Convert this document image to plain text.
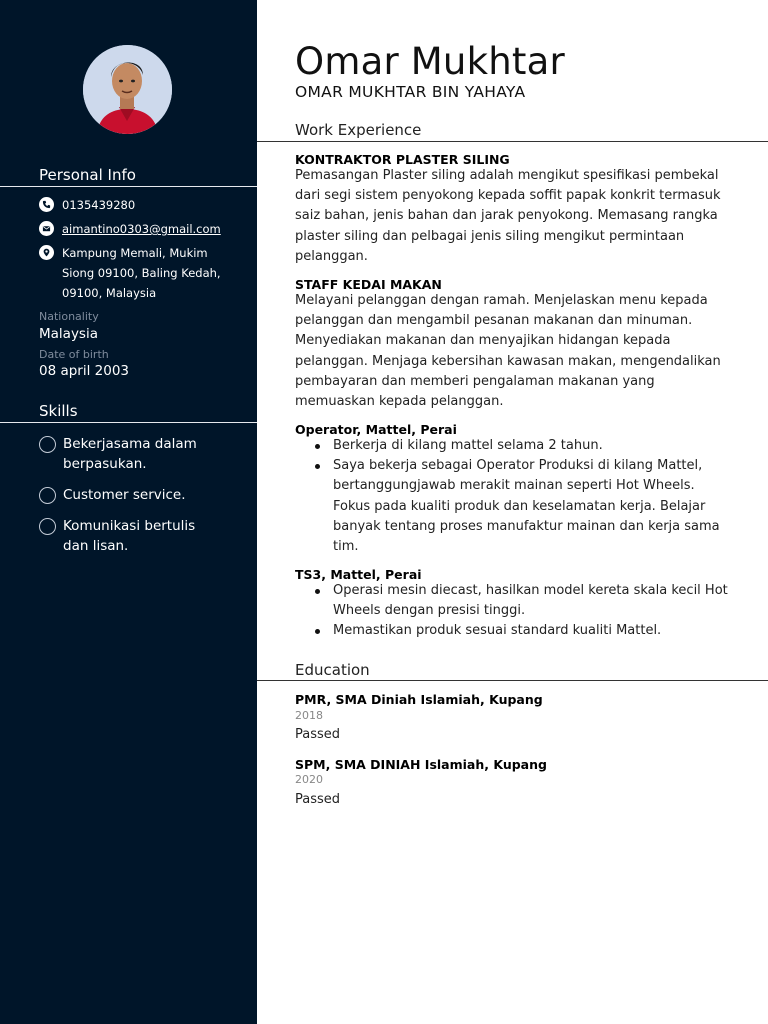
Personal Info
0135439280
aimantino0303@gmail.com
Kampung Memali, Mukim Siong 09100, Baling Kedah, 09100, Malaysia
Nationality
Malaysia
Date of birth
08 april 2003
Skills
Bekerjasama dalam berpasukan.
Customer service.
Komunikasi bertulis dan lisan.
Omar Mukhtar
OMAR MUKHTAR BIN YAHAYA
Work Experience
KONTRAKTOR PLASTER SILING
Pemasangan Plaster siling adalah mengikut spesifikasi pembekal dari segi sistem penyokong kepada soffit papak konkrit termasuk saiz bahan, jenis bahan dan jarak penyokong. Memasang rangka plaster siling dan pelbagai jenis siling mengikut permintaan pelanggan.
STAFF KEDAI MAKAN
Melayani pelanggan dengan ramah. Menjelaskan menu kepada pelanggan dan mengambil pesanan makanan dan minuman. Menyediakan makanan dan menyajikan hidangan kepada pelanggan. Menjaga kebersihan kawasan makan, mengendalikan pembayaran dan memberi pengalaman makanan yang memuaskan kepada pelanggan.
Operator, Mattel, Perai
Berkerja di kilang mattel selama 2 tahun.
Saya bekerja sebagai Operator Produksi di kilang Mattel, bertanggungjawab merakit mainan seperti Hot Wheels. Fokus pada kualiti produk dan keselamatan kerja. Belajar banyak tentang proses manufaktur mainan dan kerja sama tim.
TS3, Mattel, Perai
Operasi mesin diecast, hasilkan model kereta skala kecil Hot Wheels dengan presisi tinggi.
Memastikan produk sesuai standard kualiti Mattel.
Education
PMR, SMA Diniah Islamiah, Kupang
2018
Passed
SPM, SMA DINIAH Islamiah, Kupang
2020
Passed
